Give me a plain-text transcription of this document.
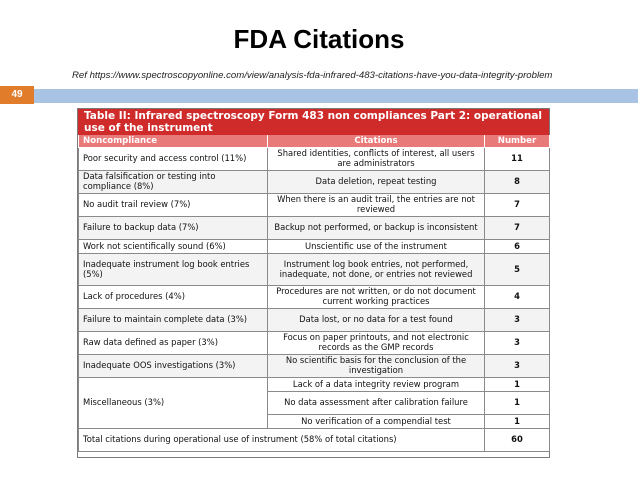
FDA Citations
Ref https://www.spectroscopyonline.com/view/analysis-fda-infrared-483-citations-have-you-data-integrity-problem
49
Table II: Infrared spectroscopy Form 483 non compliances Part 2: operational use of the instrument
Noncompliance	Citations	Number
Poor security and access control (11%)	Shared identities, conflicts of interest, all users are administrators	11
Data falsification or testing into compliance (8%)	Data deletion, repeat testing	8
No audit trail review (7%)	When there is an audit trail, the entries are not reviewed	7
Failure to backup data (7%)	Backup not performed, or backup is inconsistent	7
Work not scientifically sound (6%)	Unscientific use of the instrument	6
Inadequate instrument log book entries (5%)	Instrument log book entries, not performed, inadequate, not done, or entries not reviewed	5
Lack of procedures (4%)	Procedures are not written, or do not document current working practices	4
Failure to maintain complete data (3%)	Data lost, or no data for a test found	3
Raw data defined as paper (3%)	Focus on paper printouts, and not electronic records as the GMP records	3
Inadequate OOS investigations (3%)	No scientific basis for the conclusion of the investigation	3
Miscellaneous (3%)	Lack of a data integrity review program	1
	No data assessment after calibration failure	1
	No verification of a compendial test	1
Total citations during operational use of instrument (58% of total citations)		60
